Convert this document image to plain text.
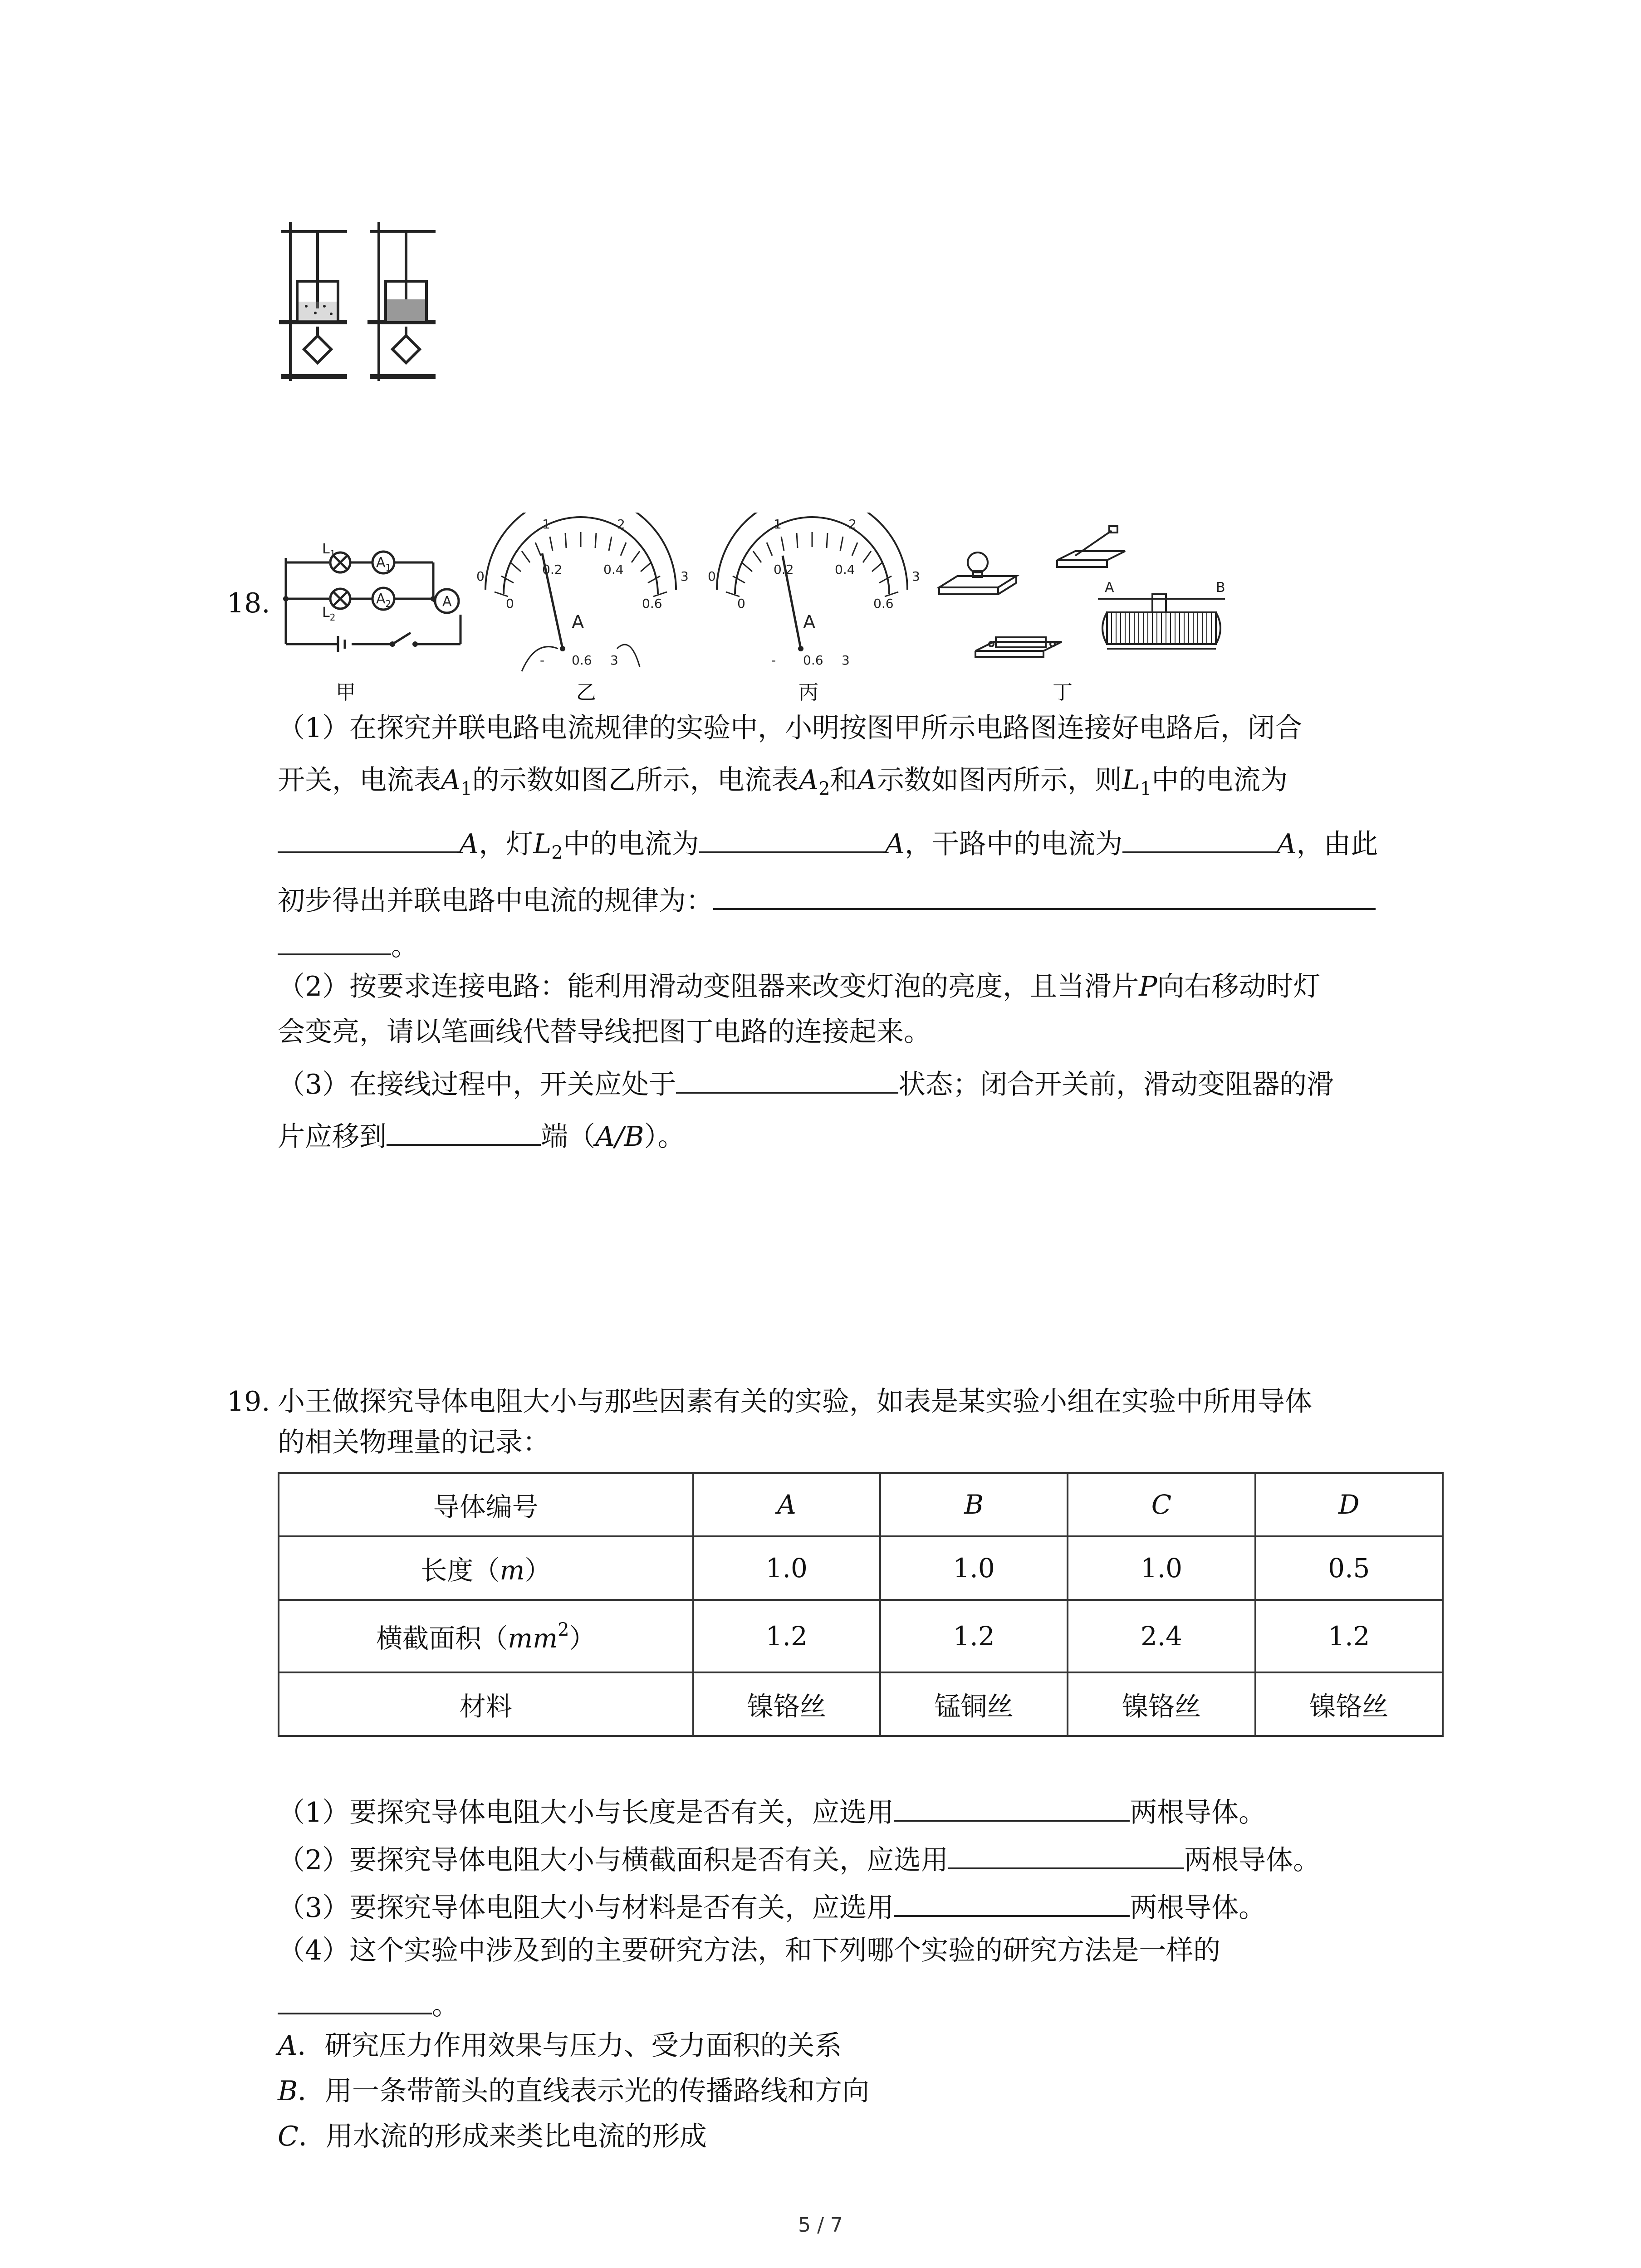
18.
$L_1$
$L_2$
$A_1$
$A_2$	A
甲
0
1	2
3
0
0.2	0.4
0.6
A
- 0.6 3
乙
0
1	2
3
0
0.2	0.4
0.6
A
- 0.6 3
丙
A	B
丁
（1）在探究并联电路电流规律的实验中，小明按图甲所示电路图连接好电路后，闭合
开关，电流表$A_1$的示数如图乙所示，电流表$A_2$和A示数如图丙所示，则$L_1$中的电流为
A，灯$L_2$中的电流为	A，干路中的电流为	A，由此
初步得出并联电路中电流的规律为：
。
（2）按要求连接电路：能利用滑动变阻器来改变灯泡的亮度，且当滑片P向右移动时灯
会变亮，请以笔画线代替导线把图丁电路的连接起来。
（3）在接线过程中，开关应处于	状态；闭合开关前，滑动变阻器的滑
片应移到	端（A/B）。
19. 小王做探究导体电阻大小与那些因素有关的实验，如表是某实验小组在实验中所用导体
的相关物理量的记录：
导体编号	A	B	C	D
长度（m）	1.0	1.0	1.0	0.5
横截面积$(mm^2)$	1.2	1.2	2.4	1.2
材料	镍铬丝	锰铜丝	镍铬丝	镍铬丝
（1）要探究导体电阻大小与长度是否有关，应选用	两根导体。
（2）要探究导体电阻大小与横截面积是否有关，应选用	两根导体。
（3）要探究导体电阻大小与材料是否有关，应选用	两根导体。
（4）这个实验中涉及到的主要研究方法，和下列哪个实验的研究方法是一样的
。
A．研究压力作用效果与压力、受力面积的关系
B．用一条带箭头的直线表示光的传播路线和方向
C．用水流的形成来类比电流的形成
5 / 7
